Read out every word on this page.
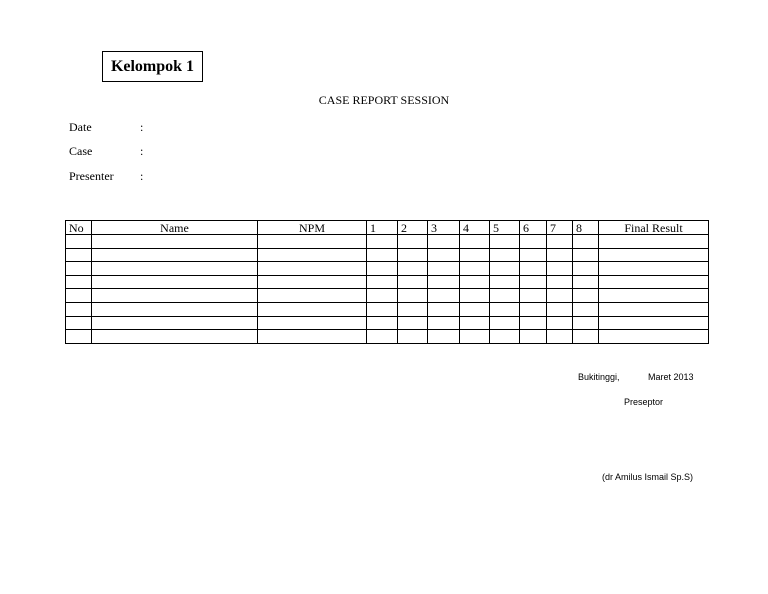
Kelompok 1
CASE REPORT SESSION
Date	:
Case	:
Presenter :
No	Name	NPM	1	2	3	4	5	6	7	8	Final Result

Bukitinggi,	Maret 2013
Preseptor
(dr Amilus Ismail Sp.S)
